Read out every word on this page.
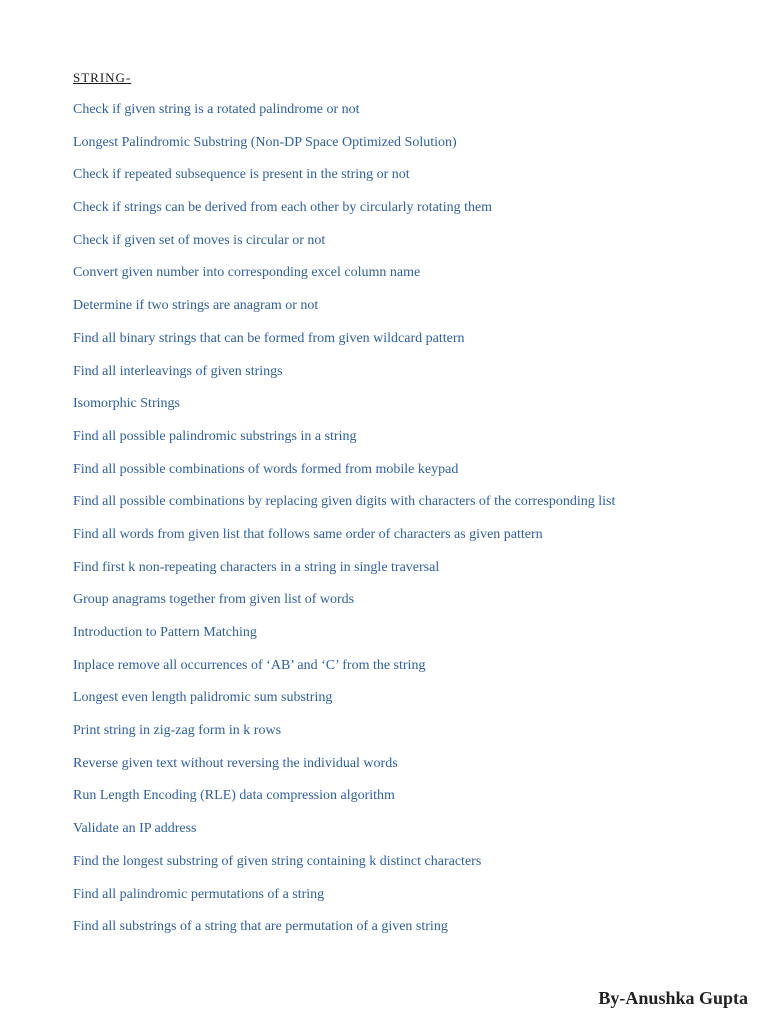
STRING-
Check if given string is a rotated palindrome or not
Longest Palindromic Substring (Non-DP Space Optimized Solution)
Check if repeated subsequence is present in the string or not
Check if strings can be derived from each other by circularly rotating them
Check if given set of moves is circular or not
Convert given number into corresponding excel column name
Determine if two strings are anagram or not
Find all binary strings that can be formed from given wildcard pattern
Find all interleavings of given strings
Isomorphic Strings
Find all possible palindromic substrings in a string
Find all possible combinations of words formed from mobile keypad
Find all possible combinations by replacing given digits with characters of the corresponding list
Find all words from given list that follows same order of characters as given pattern
Find first k non-repeating characters in a string in single traversal
Group anagrams together from given list of words
Introduction to Pattern Matching
Inplace remove all occurrences of ‘AB’ and ‘C’ from the string
Longest even length palidromic sum substring
Print string in zig-zag form in k rows
Reverse given text without reversing the individual words
Run Length Encoding (RLE) data compression algorithm
Validate an IP address
Find the longest substring of given string containing k distinct characters
Find all palindromic permutations of a string
Find all substrings of a string that are permutation of a given string
By-Anushka Gupta
